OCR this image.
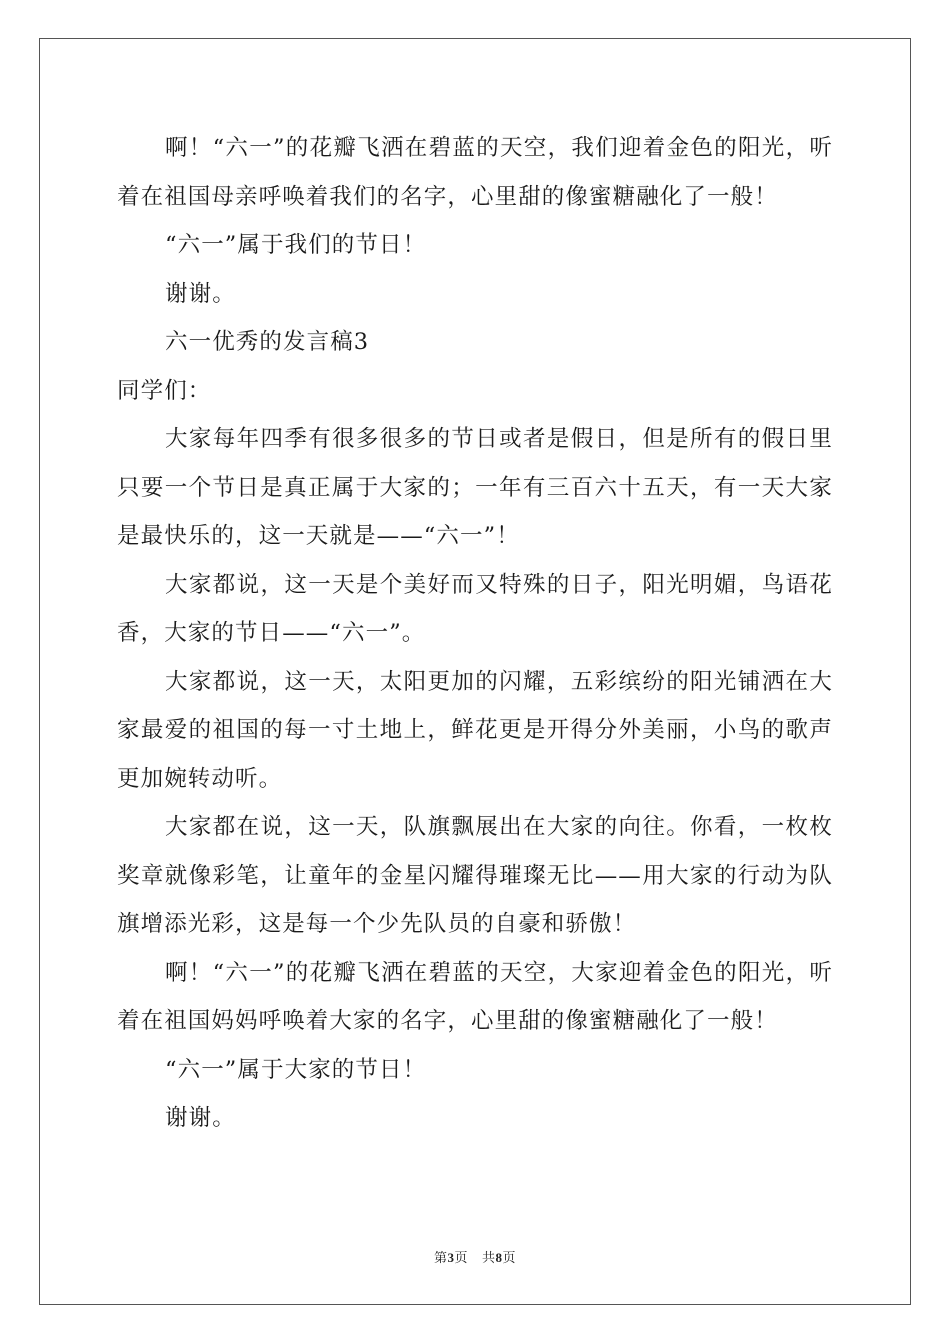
啊！“六一”的花瓣飞洒在碧蓝的天空，我们迎着金色的阳光，听着在祖国母亲呼唤着我们的名字，心里甜的像蜜糖融化了一般！

“六一”属于我们的节日！

谢谢。

六一优秀的发言稿3

同学们：

大家每年四季有很多很多的节日或者是假日，但是所有的假日里只要一个节日是真正属于大家的；一年有三百六十五天，有一天大家是最快乐的，这一天就是——“六一”！

大家都说，这一天是个美好而又特殊的日子，阳光明媚，鸟语花香，大家的节日——“六一”。

大家都说，这一天，太阳更加的闪耀，五彩缤纷的阳光铺洒在大家最爱的祖国的每一寸土地上，鲜花更是开得分外美丽，小鸟的歌声更加婉转动听。

大家都在说，这一天，队旗飘展出在大家的向往。你看，一枚枚奖章就像彩笔，让童年的金星闪耀得璀璨无比——用大家的行动为队旗增添光彩，这是每一个少先队员的自豪和骄傲！

啊！“六一”的花瓣飞洒在碧蓝的天空，大家迎着金色的阳光，听着在祖国妈妈呼唤着大家的名字，心里甜的像蜜糖融化了一般！

“六一”属于大家的节日！

谢谢。

第3页 共8页
